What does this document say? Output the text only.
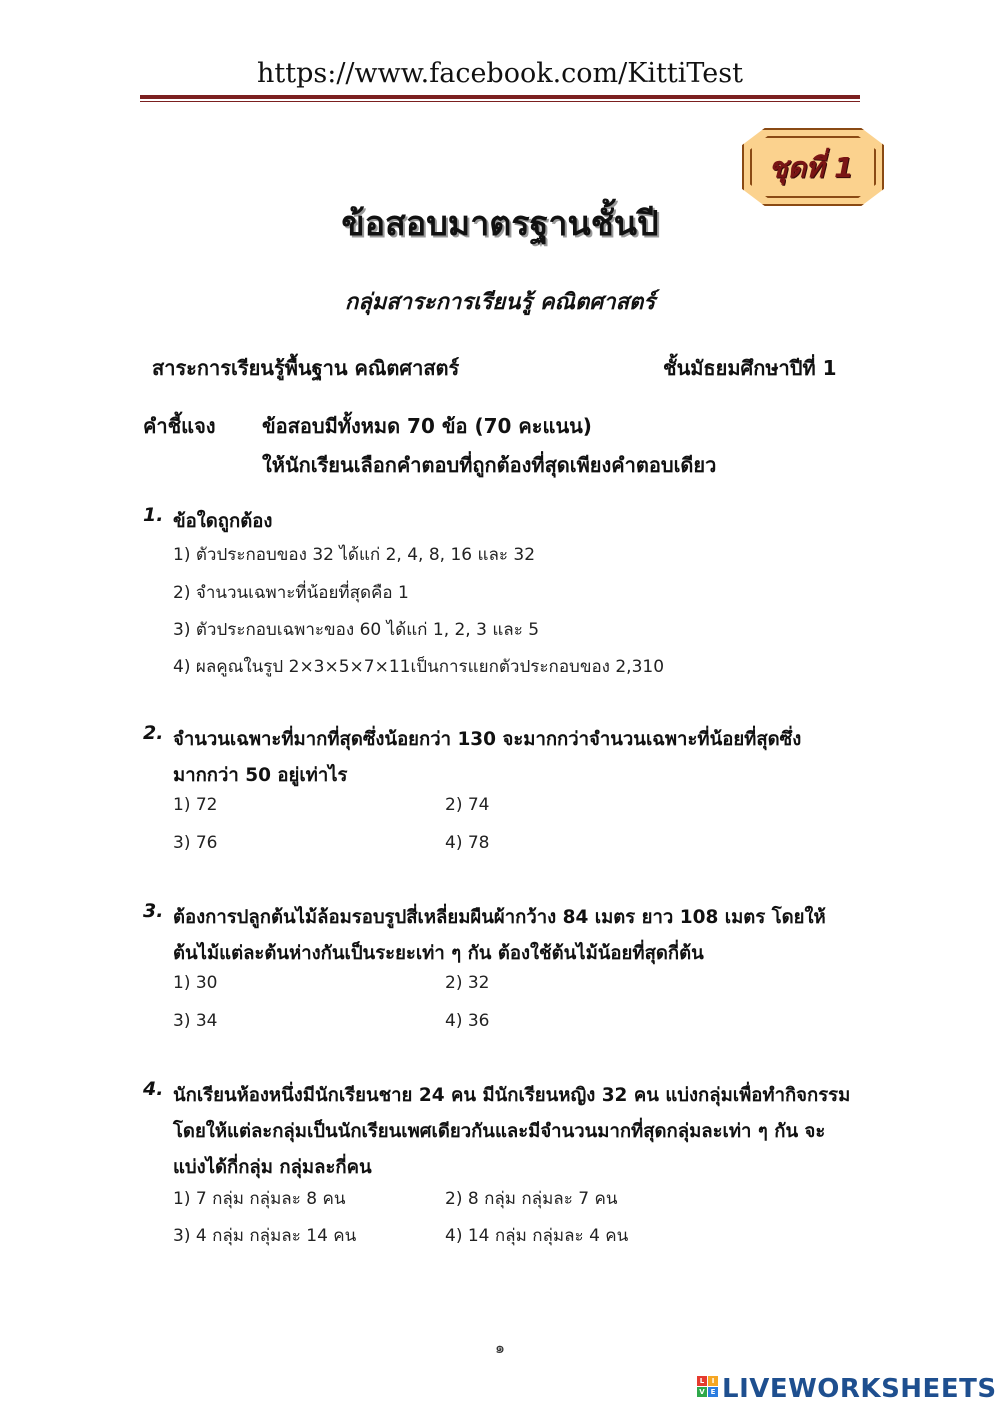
https://www.facebook.com/KittiTest
ชุดที่ 1
ข้อสอบมาตรฐานชั้นปี
กลุ่มสาระการเรียนรู้ คณิตศาสตร์
สาระการเรียนรู้พื้นฐาน คณิตศาสตร์	ชั้นมัธยมศึกษาปีที่ 1
คำชี้แจง ข้อสอบมีทั้งหมด 70 ข้อ (70 คะแนน)
ให้นักเรียนเลือกคำตอบที่ถูกต้องที่สุดเพียงคำตอบเดียว
1. ข้อใดถูกต้อง
1) ตัวประกอบของ 32 ได้แก่ 2, 4, 8, 16 และ 32
2) จำนวนเฉพาะที่น้อยที่สุดคือ 1
3) ตัวประกอบเฉพาะของ 60 ได้แก่ 1, 2, 3 และ 5
4) ผลคูณในรูป 2×3×5×7×11เป็นการแยกตัวประกอบของ 2,310
2. จำนวนเฉพาะที่มากที่สุดซึ่งน้อยกว่า 130 จะมากกว่าจำนวนเฉพาะที่น้อยที่สุดซึ่ง
มากกว่า 50 อยู่เท่าไร
1) 72	2) 74
3) 76	4) 78
3. ต้องการปลูกต้นไม้ล้อมรอบรูปสี่เหลี่ยมผืนผ้ากว้าง 84 เมตร ยาว 108 เมตร โดยให้
ต้นไม้แต่ละต้นห่างกันเป็นระยะเท่า ๆ กัน ต้องใช้ต้นไม้น้อยที่สุดกี่ต้น
1) 30	2) 32
3) 34	4) 36
4. นักเรียนห้องหนึ่งมีนักเรียนชาย 24 คน มีนักเรียนหญิง 32 คน แบ่งกลุ่มเพื่อทำกิจกรรม
โดยให้แต่ละกลุ่มเป็นนักเรียนเพศเดียวกันและมีจำนวนมากที่สุดกลุ่มละเท่า ๆ กัน จะ
แบ่งได้กี่กลุ่ม กลุ่มละกี่คน
1) 7 กลุ่ม กลุ่มละ 8 คน	2) 8 กลุ่ม กลุ่มละ 7 คน
3) 4 กลุ่ม กลุ่มละ 14 คน	4) 14 กลุ่ม กลุ่มละ 4 คน
๑
L	I
V E LIVEWORKSHEETS
